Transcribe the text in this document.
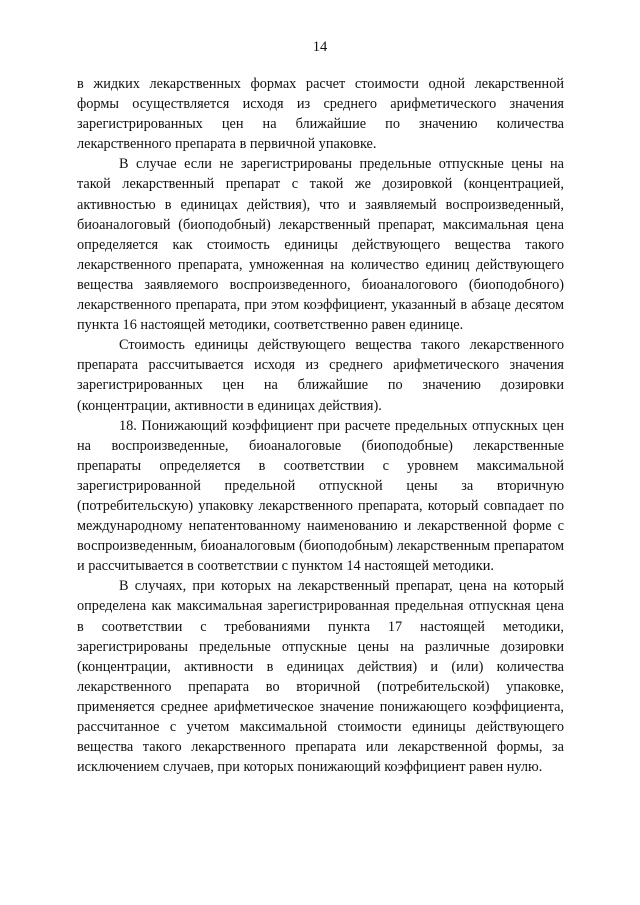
14

в жидких лекарственных формах расчет стоимости одной лекарственной формы осуществляется исходя из среднего арифметического значения зарегистрированных цен на ближайшие по значению количества лекарственного препарата в первичной упаковке.

В случае если не зарегистрированы предельные отпускные цены на такой лекарственный препарат с такой же дозировкой (концентрацией, активностью в единицах действия), что и заявляемый воспроизведенный, биоаналоговый (биоподобный) лекарственный препарат, максимальная цена определяется как стоимость единицы действующего вещества такого лекарственного препарата, умноженная на количество единиц действующего вещества заявляемого воспроизведенного, биоаналогового (биоподобного) лекарственного препарата, при этом коэффициент, указанный в абзаце десятом пункта 16 настоящей методики, соответственно равен единице.

Стоимость единицы действующего вещества такого лекарственного препарата рассчитывается исходя из среднего арифметического значения зарегистрированных цен на ближайшие по значению дозировки (концентрации, активности в единицах действия).

18. Понижающий коэффициент при расчете предельных отпускных цен на воспроизведенные, биоаналоговые (биоподобные) лекарственные препараты определяется в соответствии с уровнем максимальной зарегистрированной предельной отпускной цены за вторичную (потребительскую) упаковку лекарственного препарата, который совпадает по международному непатентованному наименованию и лекарственной форме с воспроизведенным, биоаналоговым (биоподобным) лекарственным препаратом и рассчитывается в соответствии с пунктом 14 настоящей методики.

В случаях, при которых на лекарственный препарат, цена на который определена как максимальная зарегистрированная предельная отпускная цена в соответствии с требованиями пункта 17 настоящей методики, зарегистрированы предельные отпускные цены на различные дозировки (концентрации, активности в единицах действия) и (или) количества лекарственного препарата во вторичной (потребительской) упаковке, применяется среднее арифметическое значение понижающего коэффициента, рассчитанное с учетом максимальной стоимости единицы действующего вещества такого лекарственного препарата или лекарственной формы, за исключением случаев, при которых понижающий коэффициент равен нулю.
